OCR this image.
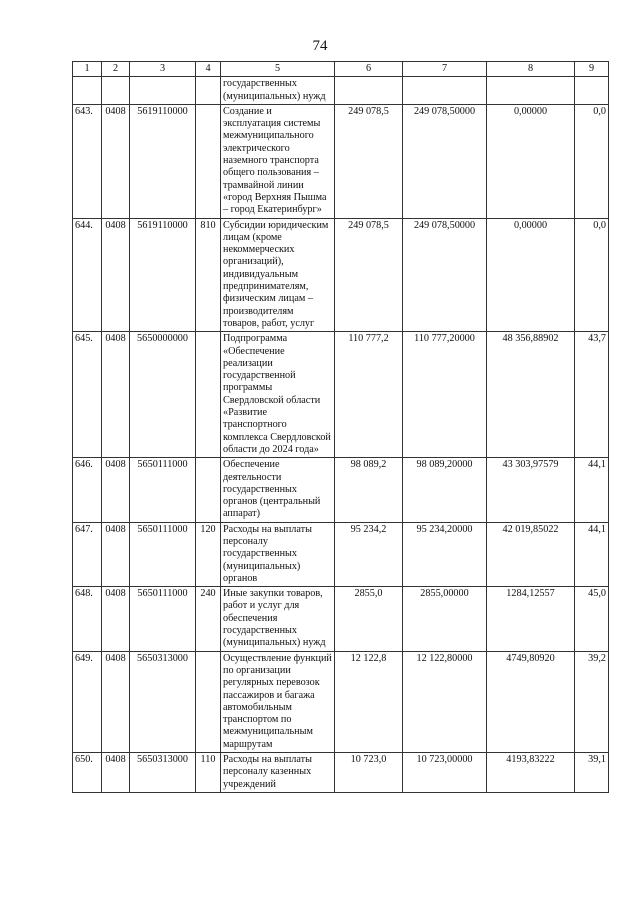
74
1	2	3	4	5	6	7	8	9
				государственных (муниципальных) нужд				
643.	0408	5619110000		Создание и эксплуатация системы межмуниципального электрического наземного транспорта общего пользования – трамвайной линии «город Верхняя Пышма – город Екатеринбург»	249 078,5	249 078,50000	0,00000	0,0
644.	0408	5619110000	810	Субсидии юридическим лицам (кроме некоммерческих организаций), индивидуальным предпринимателям, физическим лицам – производителям товаров, работ, услуг	249 078,5	249 078,50000	0,00000	0,0
645.	0408	5650000000		Подпрограмма «Обеспечение реализации государственной программы Свердловской области «Развитие транспортного комплекса Свердловской области до 2024 года»	110 777,2	110 777,20000	48 356,88902	43,7
646.	0408	5650111000		Обеспечение деятельности государственных органов (центральный аппарат)	98 089,2	98 089,20000	43 303,97579	44,1
647.	0408	5650111000	120	Расходы на выплаты персоналу государственных (муниципальных) органов	95 234,2	95 234,20000	42 019,85022	44,1
648.	0408	5650111000	240	Иные закупки товаров, работ и услуг для обеспечения государственных (муниципальных) нужд	2855,0	2855,00000	1284,12557	45,0
649.	0408	5650313000		Осуществление функций по организации регулярных перевозок пассажиров и багажа автомобильным транспортом по межмуниципальным маршрутам	12 122,8	12 122,80000	4749,80920	39,2
650.	0408	5650313000	110	Расходы на выплаты персоналу казенных учреждений	10 723,0	10 723,00000	4193,83222	39,1
